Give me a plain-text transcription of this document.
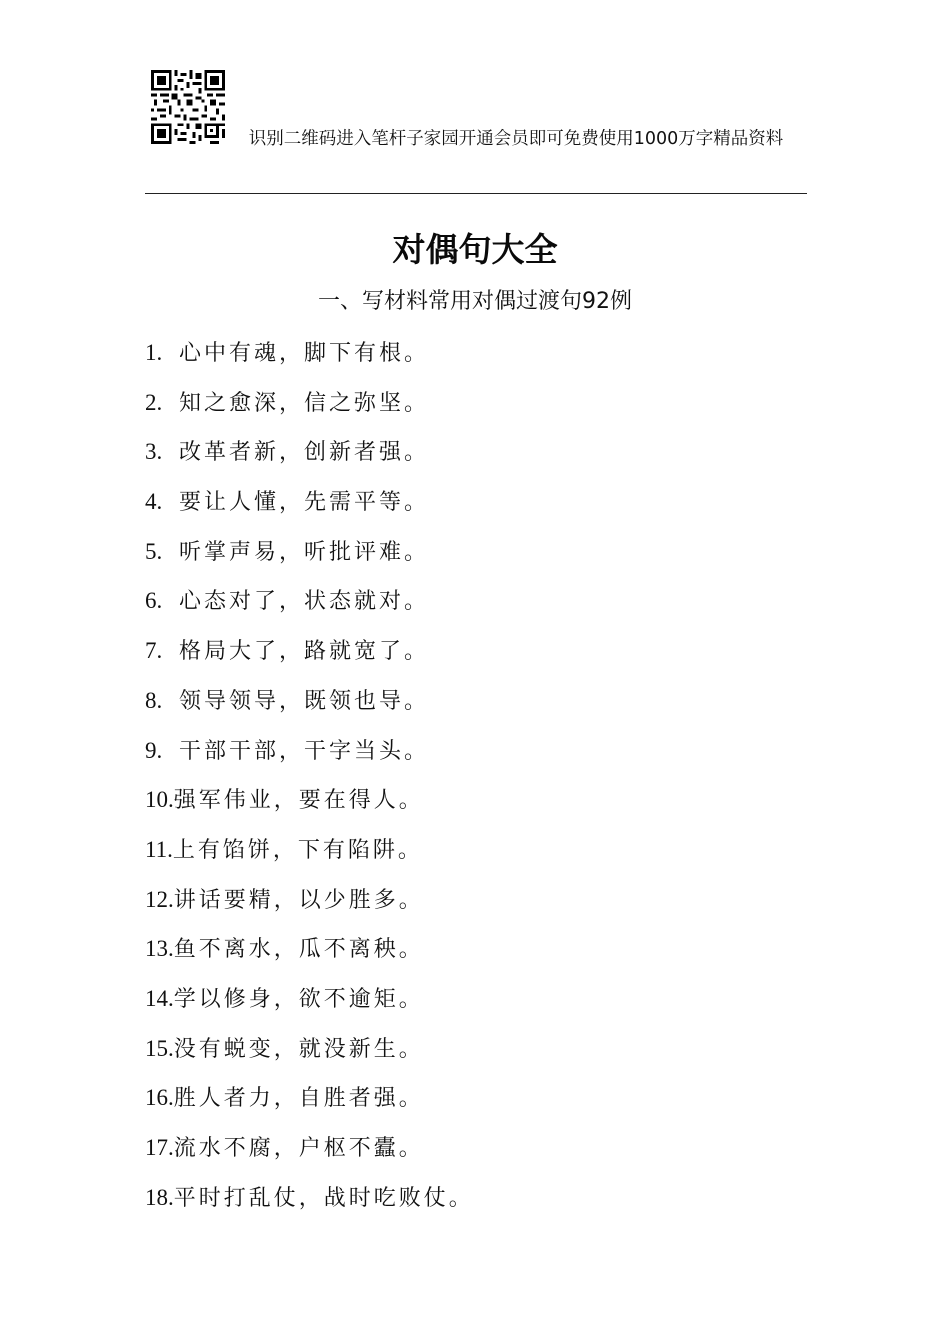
识别二维码进入笔杆子家园开通会员即可免费使用1000万字精品资料
对偶句大全
一、写材料常用对偶过渡句92例
1. 心中有魂，脚下有根。
2. 知之愈深，信之弥坚。
3. 改革者新，创新者强。
4. 要让人懂，先需平等。
5. 听掌声易，听批评难。
6. 心态对了，状态就对。
7. 格局大了，路就宽了。
8. 领导领导，既领也导。
9. 干部干部，干字当头。
10.强军伟业，要在得人。
11.上有馅饼，下有陷阱。
12.讲话要精，以少胜多。
13.鱼不离水，瓜不离秧。
14.学以修身，欲不逾矩。
15.没有蜕变，就没新生。
16.胜人者力，自胜者强。
17.流水不腐，户枢不蠹。
18.平时打乱仗，战时吃败仗。
